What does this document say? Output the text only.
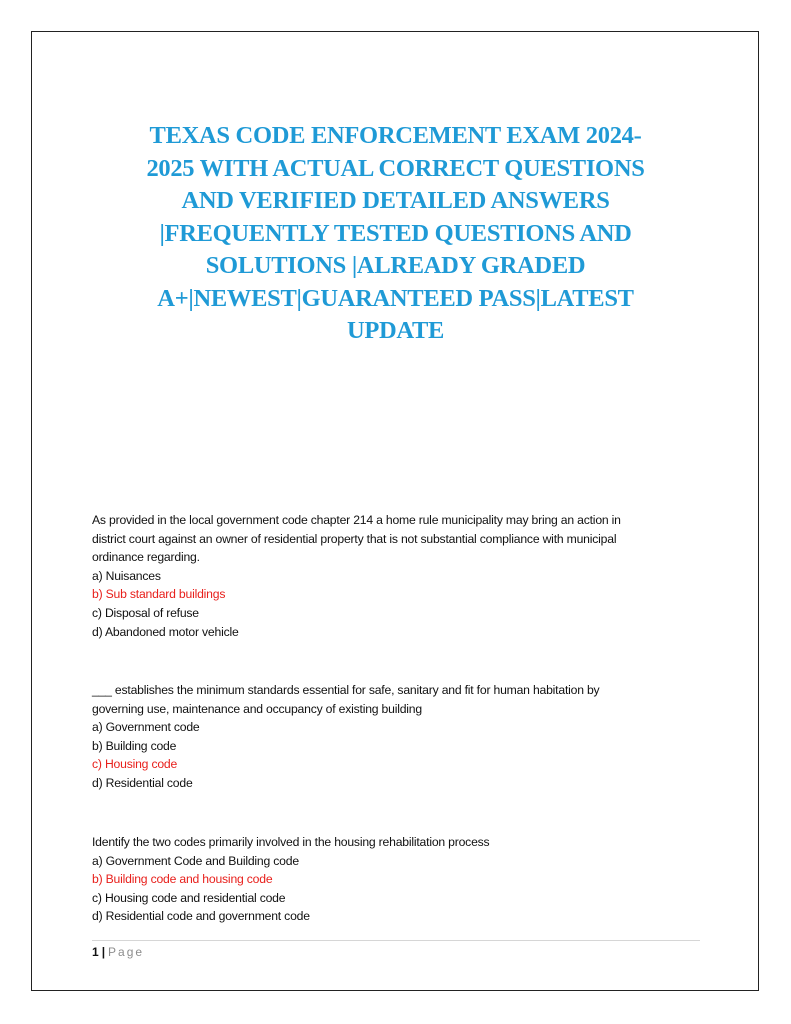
TEXAS CODE ENFORCEMENT EXAM 2024-
2025 WITH ACTUAL CORRECT QUESTIONS
AND VERIFIED DETAILED ANSWERS
|FREQUENTLY TESTED QUESTIONS AND
SOLUTIONS |ALREADY GRADED
A+|NEWEST|GUARANTEED PASS|LATEST
UPDATE
As provided in the local government code chapter 214 a home rule municipality may bring an action in
district court against an owner of residential property that is not substantial compliance with municipal
ordinance regarding.
a) Nuisances
b) Sub standard buildings
c) Disposal of refuse
d) Abandoned motor vehicle
___ establishes the minimum standards essential for safe, sanitary and fit for human habitation by
governing use, maintenance and occupancy of existing building
a) Government code
b) Building code
c) Housing code
d) Residential code
Identify the two codes primarily involved in the housing rehabilitation process
a) Government Code and Building code
b) Building code and housing code
c) Housing code and residential code
d) Residential code and government code
1 | Page
